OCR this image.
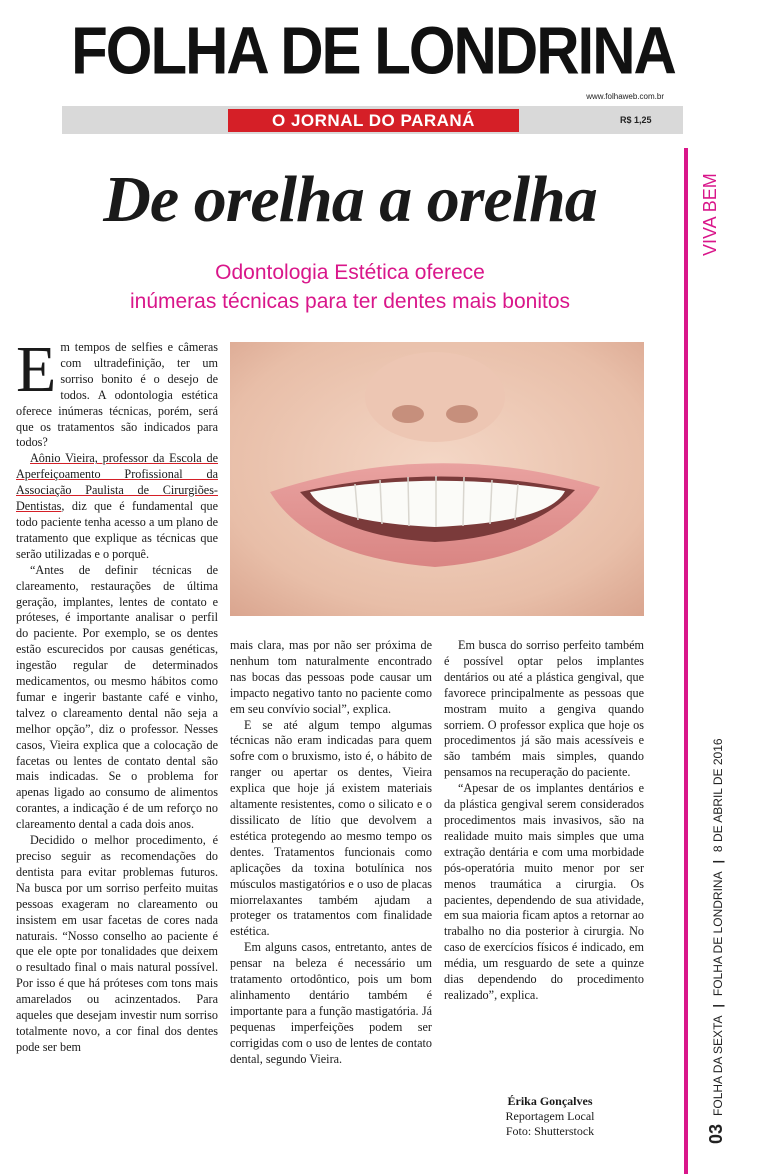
FOLHA DE LONDRINA
www.folhaweb.com.br
O JORNAL DO PARANÁ	R$ 1,25
VIVA BEM
03FOLHA DA SEXTA|FOLHA DE LONDRINA|8 DE ABRIL DE 2016
De orelha a orelha
Odontologia Estética oferece
inúmeras técnicas para ter dentes mais bonitos

Em tempos de selfies e câmeras com ultradefinição, ter um sorriso bonito é o desejo de todos. A odontologia estética oferece inúmeras técnicas, porém, será que os tratamentos são indicados para todos?

Aônio Vieira, professor da Escola de Aperfeiçoamento Profissional da Associação Paulista de Cirurgiões-Dentistas, diz que é fundamental que todo paciente tenha acesso a um plano de tratamento que explique as técnicas que serão utilizadas e o porquê.

“Antes de definir técnicas de clareamento, restaurações de última geração, implantes, lentes de contato e próteses, é importante analisar o perfil do paciente. Por exemplo, se os dentes estão escurecidos por causas genéticas, ingestão regular de determinados medicamentos, ou mesmo hábitos como fumar e ingerir bastante café e vinho, talvez o clareamento dental não seja a melhor opção”, diz o professor. Nesses casos, Vieira explica que a colocação de facetas ou lentes de contato dental são mais indicadas. Se o problema for apenas ligado ao consumo de alimentos corantes, a indicação é de um reforço no clareamento dental a cada dois anos.

Decidido o melhor procedimento, é preciso seguir as recomendações do dentista para evitar problemas futuros. Na busca por um sorriso perfeito muitas pessoas exageram no clareamento ou insistem em usar facetas de cores nada naturais. “Nosso conselho ao paciente é que ele opte por tonalidades que deixem o resultado final o mais natural possível. Por isso é que há próteses com tons mais amarelados ou acinzentados. Para aqueles que desejam investir num sorriso totalmente novo, a cor final dos dentes pode ser bem

mais clara, mas por não ser próxima de nenhum tom naturalmente encontrado nas bocas das pessoas pode causar um impacto negativo tanto no paciente como em seu convívio social”, explica.

E se até algum tempo algumas técnicas não eram indicadas para quem sofre com o bruxismo, isto é, o hábito de ranger ou apertar os dentes, Vieira explica que hoje já existem materiais altamente resistentes, como o silicato e o dissilicato de lítio que devolvem a estética protegendo ao mesmo tempo os dentes. Tratamentos funcionais como aplicações da toxina botulínica nos músculos mastigatórios e o uso de placas miorrelaxantes também ajudam a proteger os tratamentos com finalidade estética.

Em alguns casos, entretanto, antes de pensar na beleza é necessário um tratamento ortodôntico, pois um bom alinhamento dentário também é importante para a função mastigatória. Já pequenas imperfeições podem ser corrigidas com o uso de lentes de contato dental, segundo Vieira.

Em busca do sorriso perfeito também é possível optar pelos implantes dentários ou até a plástica gengival, que favorece principalmente as pessoas que mostram muito a gengiva quando sorriem. O professor explica que hoje os procedimentos já são mais acessíveis e são também mais simples, quando pensamos na recuperação do paciente.

“Apesar de os implantes dentários e da plástica gengival serem considerados procedimentos mais invasivos, são na realidade muito mais simples que uma extração dentária e com uma morbidade pós-operatória muito menor por ser menos traumática a cirurgia. Os pacientes, dependendo de sua atividade, em sua maioria ficam aptos a retornar ao trabalho no dia posterior à cirurgia. No caso de exercícios físicos é indicado, em média, um resguardo de sete a quinze dias dependendo do procedimento realizado”, explica.

Érika Gonçalves
Reportagem Local
Foto: Shutterstock
